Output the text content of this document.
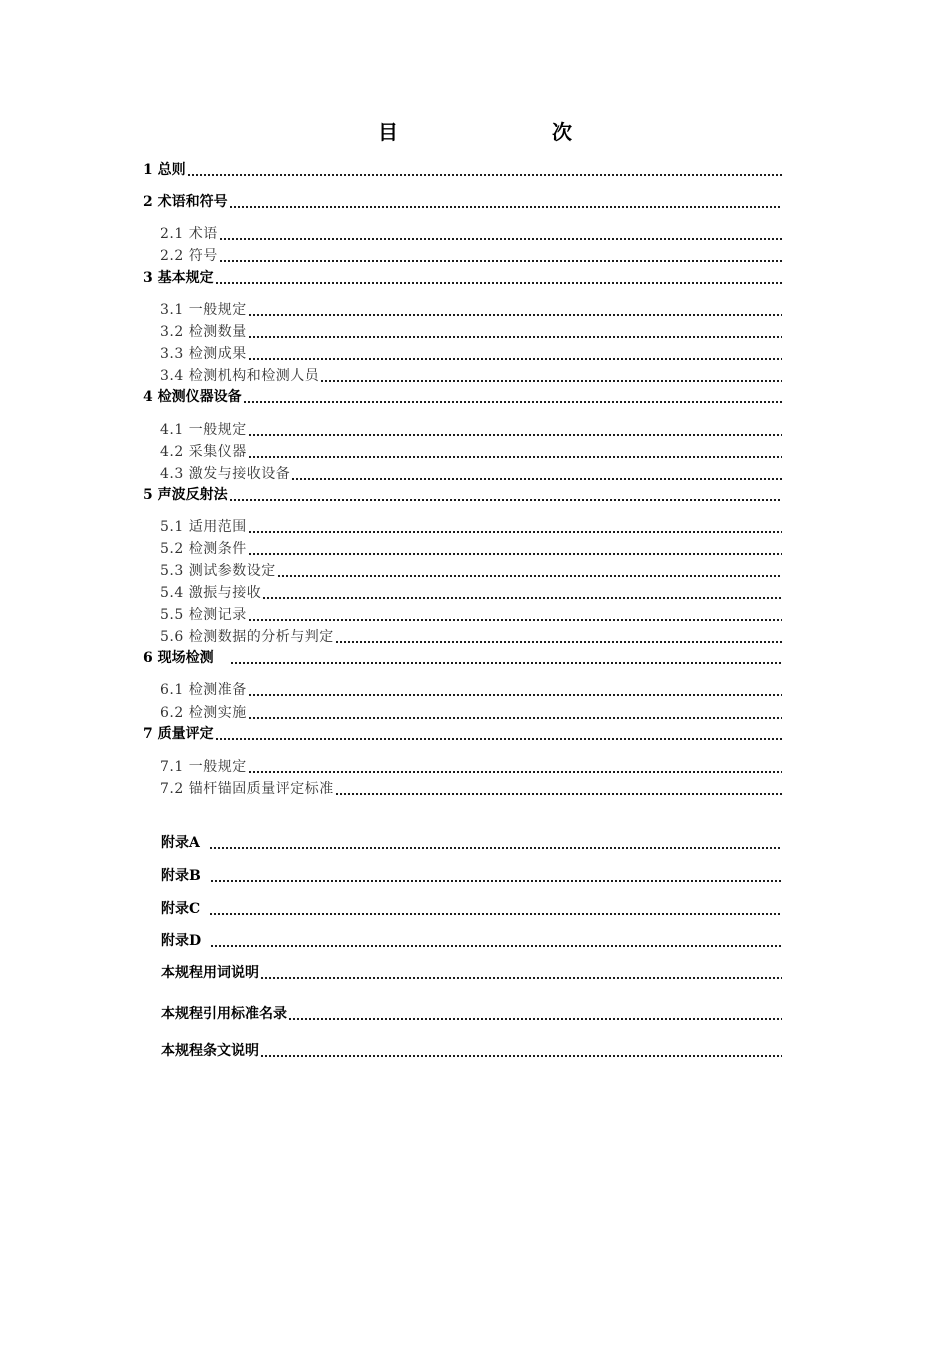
目　　次
1 总则
2 术语和符号
2.1 术语
2.2 符号
3 基本规定
3.1 一般规定
3.2 检测数量
3.3 检测成果
3.4 检测机构和检测人员
4 检测仪器设备
4.1 一般规定
4.2 采集仪器
4.3 激发与接收设备
5 声波反射法
5.1 适用范围
5.2 检测条件
5.3 测试参数设定
5.4 激振与接收
5.5 检测记录
5.6 检测数据的分析与判定
6 现场检测
6.1 检测准备
6.2 检测实施
7 质量评定
7.1 一般规定
7.2 锚杆锚固质量评定标准
附录A
附录B
附录C
附录D
本规程用词说明
本规程引用标准名录
本规程条文说明
